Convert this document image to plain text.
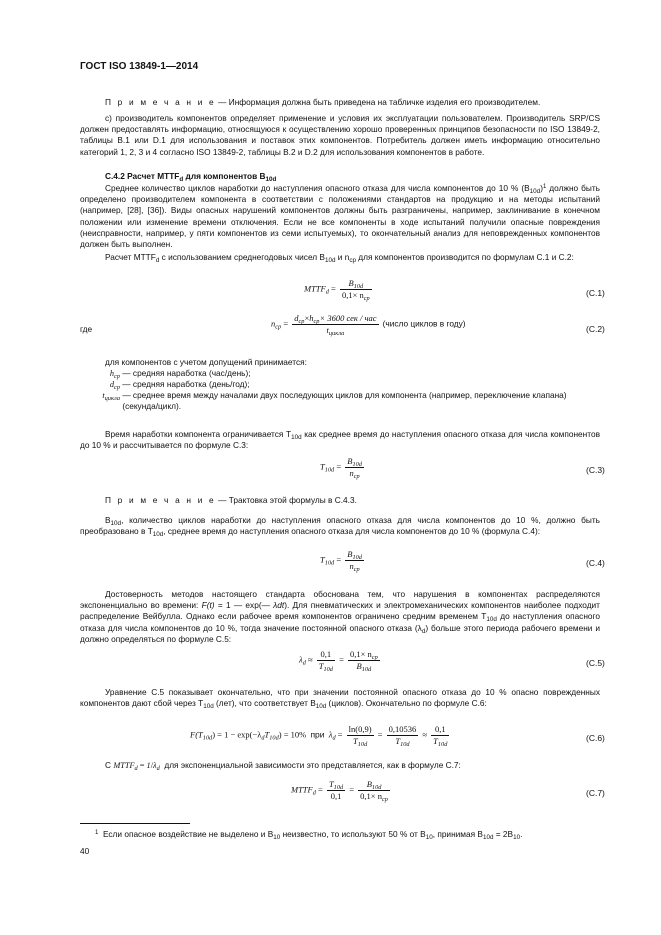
ГОСТ ISO 13849-1—2014
П р и м е ч а н и е — Информация должна быть приведена на табличке изделия его производителем.
c) производитель компонентов определяет применение и условия их эксплуатации пользователем. Производитель SRP/CS должен предоставлять информацию, относящуюся к осуществлению хорошо проверенных принципов безопасности по ISO 13849-2, таблицы B.1 или D.1 для использования и поставок этих компонентов. Потребитель должен иметь информацию относительно категорий 1, 2, 3 и 4 согласно ISO 13849-2, таблицы B.2 и D.2 для использования компонентов в работе.
C.4.2 Расчет $MTTF_d$ для компонентов $B_{10d}$
Среднее количество циклов наработки до наступления опасного отказа для числа компонентов до 10 % $(B_{10d})^1$ должно быть определено производителем компонента в соответствии с положениями стандартов на продукцию и на методы испытаний (например, [28], [36]). Виды опасных нарушений компонентов должны быть разграничены, например, заклинивание в конечном положении или изменение времени отключения. Если не все компоненты в ходе испытаний получили опасные повреждения (неисправности, например, у пяти компонентов из семи испытуемых), то окончательный анализ для неповрежденных компонентов должен быть выполнен.
Расчет $MTTF_d$ с использованием среднегодовых чисел $B_{10d}$ и $n_{ср}$ для компонентов производится по формулам C.1 и C.2:
$MTTF_d = \frac{B_{10d}}{0,1\times n_{ср}}$	(C.1)
где
$n_{ср} = \frac{d_{ср}\times h_{ср}\times 3600 сек / час}{t_{цикла}}$ (число циклов в году)
(C.2)
для компонентов с учетом допущений принимается:
$h_{ср}$ — средняя наработка (час/день);
$d_{ср}$ — средняя наработка (день/год);
$t_{цикла}$ — среднее время между началами двух последующих циклов для компонента (например, переключение клапана) (секунда/цикл).
Время наработки компонента ограничивается $T_{10d}$ как среднее время до наступления опасного отказа для числа компонентов до 10 % и рассчитывается по формуле C.3:
$T_{10d} = \frac{B_{10d}}{n_{ср}}$	(C.3)
П р и м е ч а н и е — Трактовка этой формулы в C.4.3.
$B_{10d}$, количество циклов наработки до наступления опасного отказа для числа компонентов до 10 %, должно быть преобразовано в $T_{10d}$, среднее время до наступления опасного отказа для числа компонентов до 10 % (формула C.4):
$T_{10d} = \frac{B_{10d}}{n_{ср}}$	(C.4)
Достоверность методов настоящего стандарта обоснована тем, что нарушения в компонентах распределяются экспоненциально во времени: F(t) = 1 — exp(— λdt). Для пневматических и электромеханических компонентов наиболее подходит распределение Вейбулла. Однако если рабочее время компонентов ограничено средним временем $T_{10d}$ до наступления опасного отказа для числа компонентов до 10 %, тогда значение постоянной опасного отказа $(\lambda_d)$ больше этого периода рабочего времени и должно определяться по формуле C.5:
$\lambda_d \approx \frac{0,1}{T_{10d}} = \frac{0,1\times n_{ср}}{B_{10d}}$	(C.5)
Уравнение C.5 показывает окончательно, что при значении постоянной опасного отказа до 10 % опасно поврежденных компонентов дают сбой через $T_{10d}$ (лет), что соответствует $B_{10d}$ (циклов). Окончательно по формуле C.6:
$F(T_{10d}) = 1 - \exp(-\lambda_dT_{10d}) = 10\%$ при $\lambda_d = \frac{\ln(0,9)}{T_{10d}} = \frac{0,10536}{T_{10d}} \approx \frac{0,1}{T_{10d}}$	(C.6)
С $MTTF_d = 1/\lambda_d$ для экспоненциальной зависимости это представляется, как в формуле C.7:
$MTTF_d = \frac{T_{10d}}{0,1} = \frac{B_{10d}}{0,1\times n_{ср}}$	(C.7)
$^1$ Если опасное воздействие не выделено и $B_{10}$ неизвестно, то используют 50 % от $B_{10}$, принимая $B_{10d} = 2B_{10}$.
40
